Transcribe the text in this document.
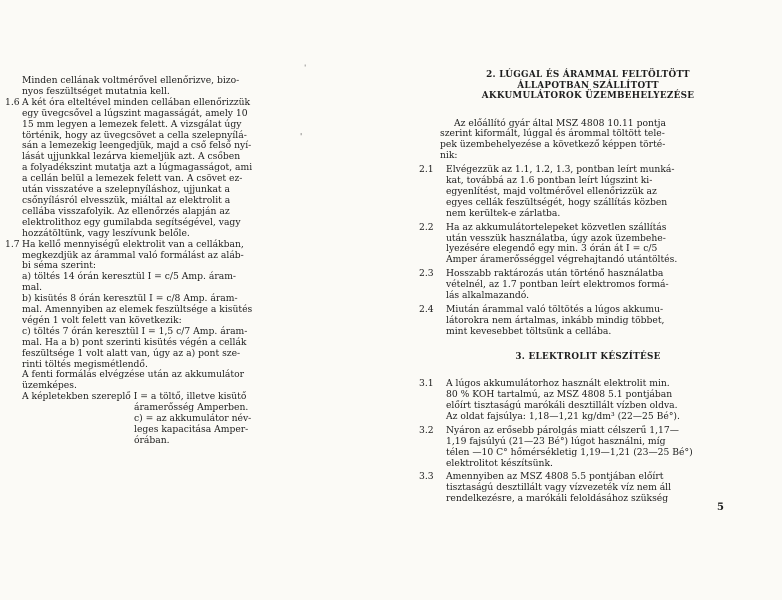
ˈ
'
Minden cellának voltmérővel ellenőrizve, bizo-
nyos feszültséget mutatnia kell.
1.6 A két óra elteltével minden cellában ellenőrizzük
egy üvegcsővel a lúgszint magasságát, amely 10
15 mm legyen a lemezek felett. A vizsgálat úgy
történik, hogy az üvegcsövet a cella szelepnyílá-
sán a lemezekig leengedjük, majd a cső felső nyí-
lását ujjunkkal lezárva kiemeljük azt. A csőben
a folyadékszint mutatja azt a lúgmagasságot, ami
a cellán belül a lemezek felett van. A csövet ez-
után visszatéve a szelepnyíláshoz, ujjunkat a
csőnyílásról elvesszük, miáltal az elektrolit a
cellába visszafolyik. Az ellenőrzés alapján az
elektrolithoz egy gumilabda segítségével, vagy
hozzátöltünk, vagy leszívunk belőle.
1.7 Ha kellő mennyiségű elektrolit van a cellákban,
megkezdjük az árammal való formálást az aláb-
bi séma szerint:
a) töltés 14 órán keresztül I = c/5 Amp. áram-
mal.
b) kisütés 8 órán keresztül I = c/8 Amp. áram-
mal. Amennyiben az elemek feszültsége a kisütés
végén 1 volt felett van következik:
c) töltés 7 órán keresztül I = 1,5 c/7 Amp. áram-
mal. Ha a b) pont szerinti kisütés végén a cellák
feszültsége 1 volt alatt van, úgy az a) pont sze-
rinti töltés megismétlendő.
A fenti formálás elvégzése után az akkumulátor
üzemképes.
A képletekben szereplő I = a töltő, illetve kisütő
áramerősség Amperben.
c) = az akkumulátor név-
leges kapacitása Amper-
órában.
2. LÚGGAL ÉS ÁRAMMAL FELTÖLTÖTT
ÁLLAPOTBAN SZÁLLÍTOTT
AKKUMULÁTOROK ÜZEMBEHELYEZÉSE
Az előállító gyár által MSZ 4808 10.11 pontja
szerint kiformált, lúggal és árommal töltött tele-
pek üzembehelyezése a következő képpen törté-
nik:
2.1	Elvégezzük az 1.1, 1.2, 1.3, pontban leírt munká-
kat, továbbá az 1.6 pontban leírt lúgszint ki-
egyenlítést, majd voltmérővel ellenőrizzük az
egyes cellák feszültségét, hogy szállítás közben
nem kerültek-e zárlatba.
2.2	Ha az akkumulátortelepeket közvetlen szállítás
után vesszük használatba, úgy azok üzembehe-
lyezésére elegendő egy min. 3 órán át I = c/5
Amper áramerősséggel végrehajtandó utántöltés.
2.3	Hosszabb raktározás után történő használatba
vételnél, az 1.7 pontban leírt elektromos formá-
lás alkalmazandó.
2.4	Miután árammal való töltötés a lúgos akkumu-
látorokra nem ártalmas, inkább mindig többet,
mint kevesebbet töltsünk a cellába.
3. ELEKTROLIT KÉSZÍTÉSE
3.1	A lúgos akkumulátorhoz használt elektrolit min.
80 % KOH tartalmú, az MSZ 4808 5.1 pontjában
előírt tisztaságú marókáli desztillált vízben oldva.
Az oldat fajsúlya: 1,18—1,21 kg/dm³ (22—25 Bé°).
3.2	Nyáron az erősebb párolgás miatt célszerű 1,17—
1,19 fajsúlyú (21—23 Bé°) lúgot használni, míg
télen —10 C° hőmérsékletig 1,19—1,21 (23—25 Bé°)
elektrolitot készítsünk.
3.3	Amennyiben az MSZ 4808 5.5 pontjában előírt
tisztaságú desztillált vagy vízvezeték víz nem áll
rendelkezésre, a marókáli feloldásához szükség
5
